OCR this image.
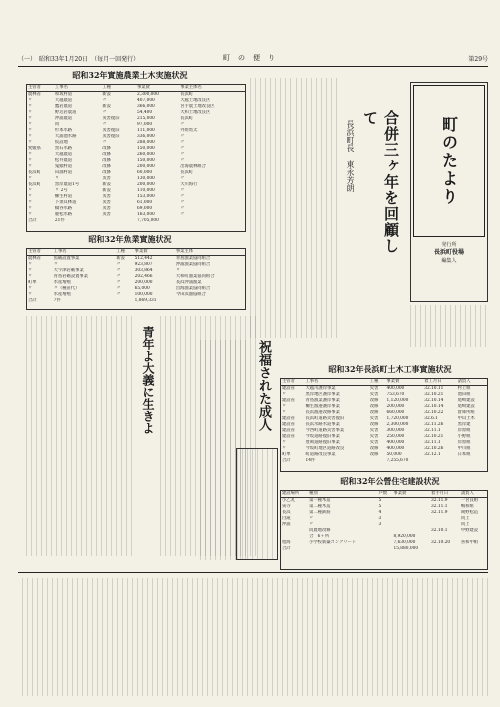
（一）　昭和33年1月20日　（毎月一回発行）	町の便り	第29号
町のたより
発行所
長浜町役場
編集人
合併三ヶ年を回顧して
長浜町長　東永芳朗
昭和32年實施農業土木実施状況
主管者	工事名	工種	事業費	事業主体名
農林省	和坂村道	新設	2,300,000	長浜町
〃	大越農道	〃	407,000	大越土地改良区
〃	鷹岩農道	新設	366,000	宮手農土地改良区
〃	野辺岩農道	〃	54,400	大和土地改良区
〃	沖浦農道	災害復旧	215,000	長浜町
〃	同	〃	97,000	〃
〃	杉本水路	災害復旧	111,000	外垣馬太
〃	大浦池水路	災害復旧	336,000	〃
〃	仮設地	〃	288,000	〃
愛媛県	黒石水路	改修	150,000	〃
〃	大越農道	改修	260,000	〃
〃	松井農道	改修	150,000	〃
〃	鬼頭村道	改修	200,000	出海農林組合
長浜町	田淵村道	改修	60,000	長浜町
〃	〃	災害	130,000	〃
長浜町	黒岸農道1号	新設	200,000	大川海行
〃	〃 2号	新設	110,000	〃
〃	櫛生村道	災害	153,000	〃
〃	下須貝林道	災害	61,000	〃
〃	橋谷水路	災害	69,000	〃
〃	鹿松水路	災害	163,000	〃
合計	21件		7,705,000	
昭和32年魚業實施状況
主管者	工事名	工種	事業費	事業主体
農林省	魚礁設置事業	新設	512,442	青島漁業協同組合
〃	〃	〃	923,807	沖浦漁業協同組合
〃	大宇津岩礁事業	〃	303,864	〃
〃	青島岩礁設置事業	〃	202,466	大和町漁業協同組合
町単	水産増殖	〃	200,000	長浜沖浦漁業
〃	〃（種苗代）	〃	65,000	出海漁業協同組合
〃	水産増殖	〃	100,000	今田浜漁協組合
合計	7件		1,869,331	
昭和32年長浜町土木工事實施状況
主管者	工事名	工種	事業費	着工月日	請負人
建設省	大越川護岸事業	災害	400,000	32.10.11	村上組
〃	黒岸地区護岸事業	災害	753,670	32.10.21	池田組
建設省	青島漁業護岸事業	改修	1,120,000	32.10.14	尾崎建設
〃	櫛生漁港護岸事業	改修	200,000	32.10.14	尾崎建設
〃	長浜漁港改修事業	改修	660,000	32.10.22	倉庫所組
建設省	長浜町道路災害復旧	災害	1,720,000	32.6.1	中山土木
建設省	長浜水路水道事業	改修	2,300,000	32.11.26	黒岸建
建設省	今西町道路災害事業	災害	300,000	32.11.1	岸原組
建設省	今坂道路復旧事業	災害	250,000	32.10.21	小野組
〃	豊岡道路復旧事業	災害	400,000	32.11.1	岸原組
〃	今坂町地区道路改良	改修	400,000	32.10.26	中川組
町単	町道路改良事業	改修	50,000	32.12.1	日本組
合計	14件		7,255,670		
昭和32年公營住宅建設状況
建設場所	種別	戸数	事業費	着手月日	請負人
小乙丸	第一種木造	5		32.11.9	一宮良組
寅寺	第二種木造	5		32.11.1	嶋和組
長浜	第二種鉄筋	4		32.11.9	岡野松造
白滝	〃	3			同上
沖浦	〃	3			同上
	同農地改修			32.10.1	中野建設
	合　6ヶ所		8,920,000		
旭海	小学校新築コンクリート		7,630,000	32.10.20	喜和中組
合計			15,880,000		
青年よ大義に生きよ	祝福された成人
